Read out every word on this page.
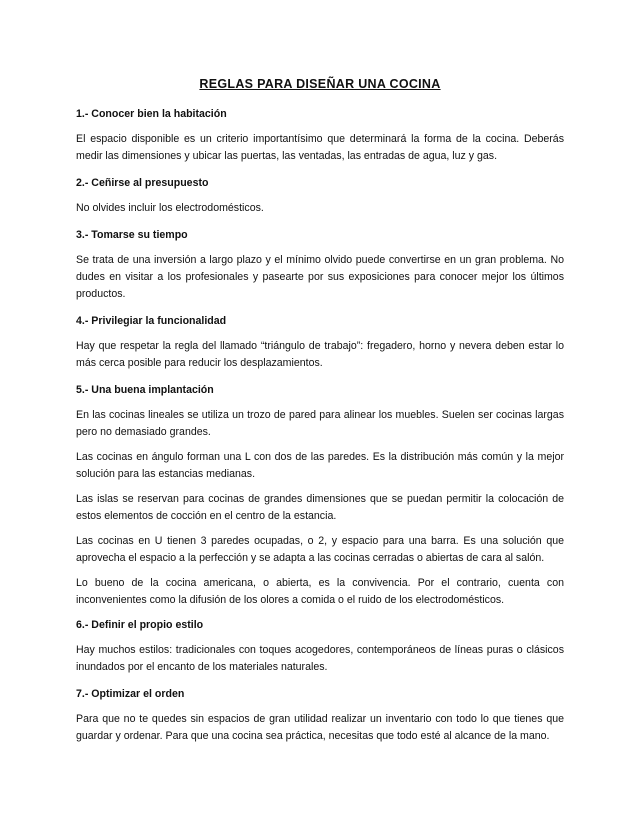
REGLAS PARA DISEÑAR UNA COCINA
1.- Conocer bien la habitación
El espacio disponible es un criterio importantísimo que determinará la forma de la cocina. Deberás medir las dimensiones y ubicar las puertas, las ventadas, las entradas de agua, luz y gas.
2.- Ceñirse al presupuesto
No olvides incluir los electrodomésticos.
3.- Tomarse su tiempo
Se trata de una inversión a largo plazo y el mínimo olvido puede convertirse en un gran problema. No dudes en visitar a los profesionales y pasearte por sus exposiciones para conocer mejor los últimos productos.
4.- Privilegiar la funcionalidad
Hay que respetar la regla del llamado “triángulo de trabajo”: fregadero, horno y nevera deben estar lo más cerca posible para reducir los desplazamientos.
5.- Una buena implantación
En las cocinas lineales se utiliza un trozo de pared para alinear los muebles. Suelen ser cocinas largas pero no demasiado grandes.
Las cocinas en ángulo forman una L con dos de las paredes. Es la distribución más común y la mejor solución para las estancias medianas.
Las islas se reservan para cocinas de grandes dimensiones que se puedan permitir la colocación de estos elementos de cocción en el centro de la estancia.
Las cocinas en U tienen 3 paredes ocupadas, o 2, y espacio para una barra. Es una solución que aprovecha el espacio a la perfección y se adapta a las cocinas cerradas o abiertas de cara al salón.
Lo bueno de la cocina americana, o abierta, es la convivencia. Por el contrario, cuenta con inconvenientes como la difusión de los olores a comida o el ruido de los electrodomésticos.
6.- Definir el propio estilo
Hay muchos estilos: tradicionales con toques acogedores, contemporáneos de líneas puras o clásicos inundados por el encanto de los materiales naturales.
7.- Optimizar el orden
Para que no te quedes sin espacios de gran utilidad realizar un inventario con todo lo que tienes que guardar y ordenar. Para que una cocina sea práctica, necesitas que todo esté al alcance de la mano.
